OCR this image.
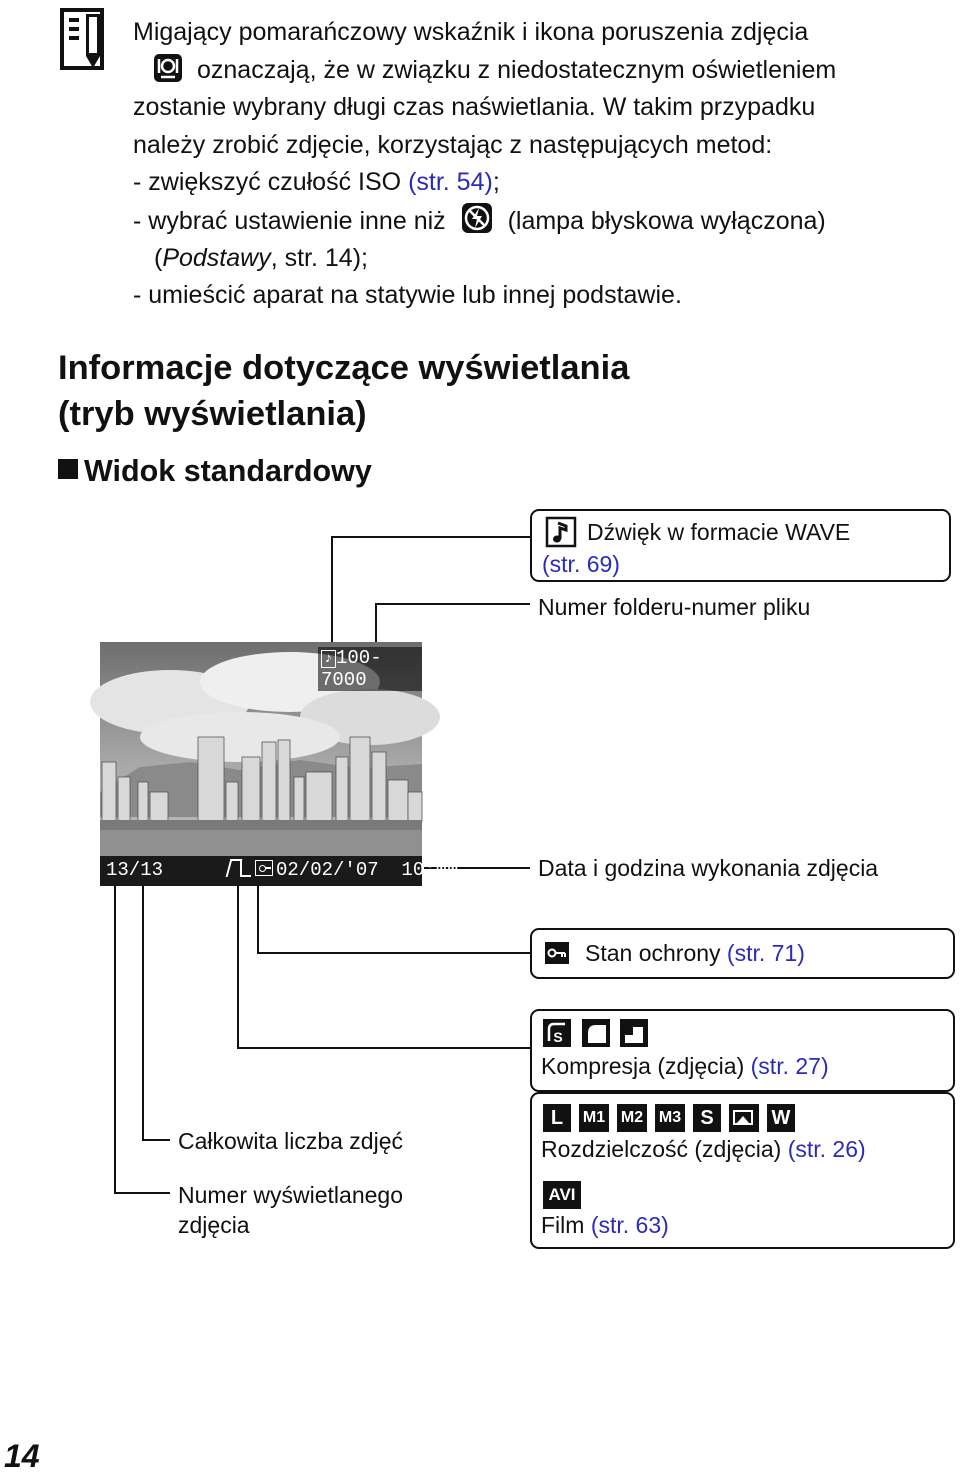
Migający pomarańczowy wskaźnik i ikona poruszenia zdjęcia
oznaczają, że w związku z niedostatecznym oświetleniem
zostanie wybrany długi czas naświetlania. W takim przypadku
należy zrobić zdjęcie, korzystając z następujących metod:
- zwiększyć czułość ISO (str. 54);
- wybrać ustawienie inne niż (lampa błyskowa wyłączona)
(Podstawy, str. 14);
- umieścić aparat na statywie lub innej podstawie.
Informacje dotyczące wyświetlania
(tryb wyświetlania)
Widok standardowy
♪ 100-7000
13/13	02/02/'07  10:00
Dźwięk w formacie WAVE
(str. 69)
Numer folderu-numer pliku
Data i godzina wykonania zdjęcia
Stan ochrony (str. 71)
S
Kompresja (zdjęcia) (str. 27)
L M1 M2 M3 S	W
Rozdzielczość (zdjęcia) (str. 26)
AVI
Film (str. 63)
Całkowita liczba zdjęć
Numer wyświetlanego
zdjęcia
14
